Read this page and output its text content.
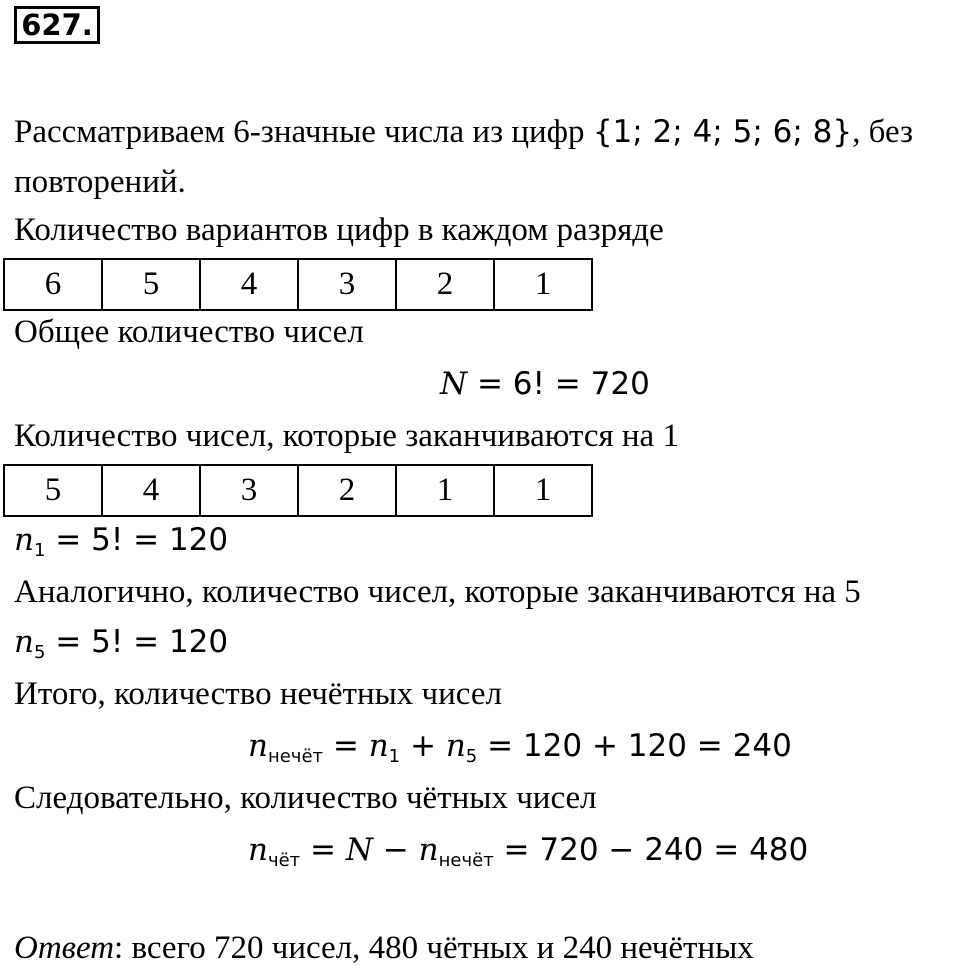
627.
Рассматриваем 6-значные числа из цифр {1; 2; 4; 5; 6; 8}, без
повторений.
Количество вариантов цифр в каждом разряде
6	5	4	3	2	1
Общее количество чисел
N = 6! = 720
Количество чисел, которые заканчиваются на 1
5	4	3	2	1	1
$n_1 = 5$! = 120
Аналогично, количество чисел, которые заканчиваются на 5
$n_5 = 5$! = 120
Итого, количество нечётных чисел
$n_{нечёт} = n_1 + n_5 = 120 + 120 = 240$
Следовательно, количество чётных чисел
$n_{чёт} = N - n_{нечёт} = 720 - 240 = 480$
Ответ: всего 720 чисел, 480 чётных и 240 нечётных
